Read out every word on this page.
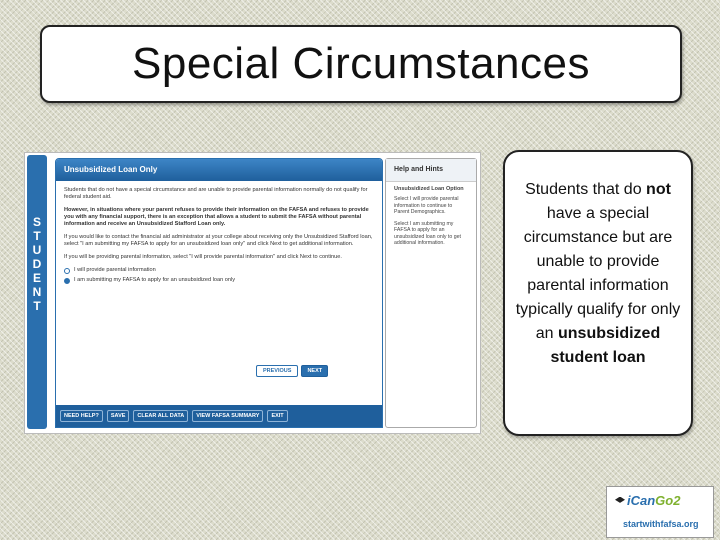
Special Circumstances
S
T
U
D
E
N
T
Unsubsidized Loan Only

Students that do not have a special circumstance and are unable to provide parental information normally do not qualify for federal student aid.

However, in situations where your parent refuses to provide their information on the FAFSA and refuses to provide you with any financial support, there is an exception that allows a student to submit the FAFSA without parental information and receive an Unsubsidized Stafford Loan only.

If you would like to contact the financial aid administrator at your college about receiving only the Unsubsidized Stafford loan, select "I am submitting my FAFSA to apply for an unsubsidized loan only" and click Next to get additional information.

If you will be providing parental information, select "I will provide parental information" and click Next to continue.

I will provide parental information
I am submitting my FAFSA to apply for an unsubsidized loan only
PREVIOUS	NEXT
NEED HELP?	SAVE	CLEAR ALL DATA	VIEW FAFSA SUMMARY	EXIT
Help and Hints
Unsubsidized Loan Option

Select I will provide parental information to continue to Parent Demographics.

Select I am submitting my FAFSA to apply for an unsubsidized loan only to get additional information.

Students that do not have a special circumstance but are unable to provide parental information typically qualify for only an unsubsidized student loan
iCanGo2
startwithfafsa.org
